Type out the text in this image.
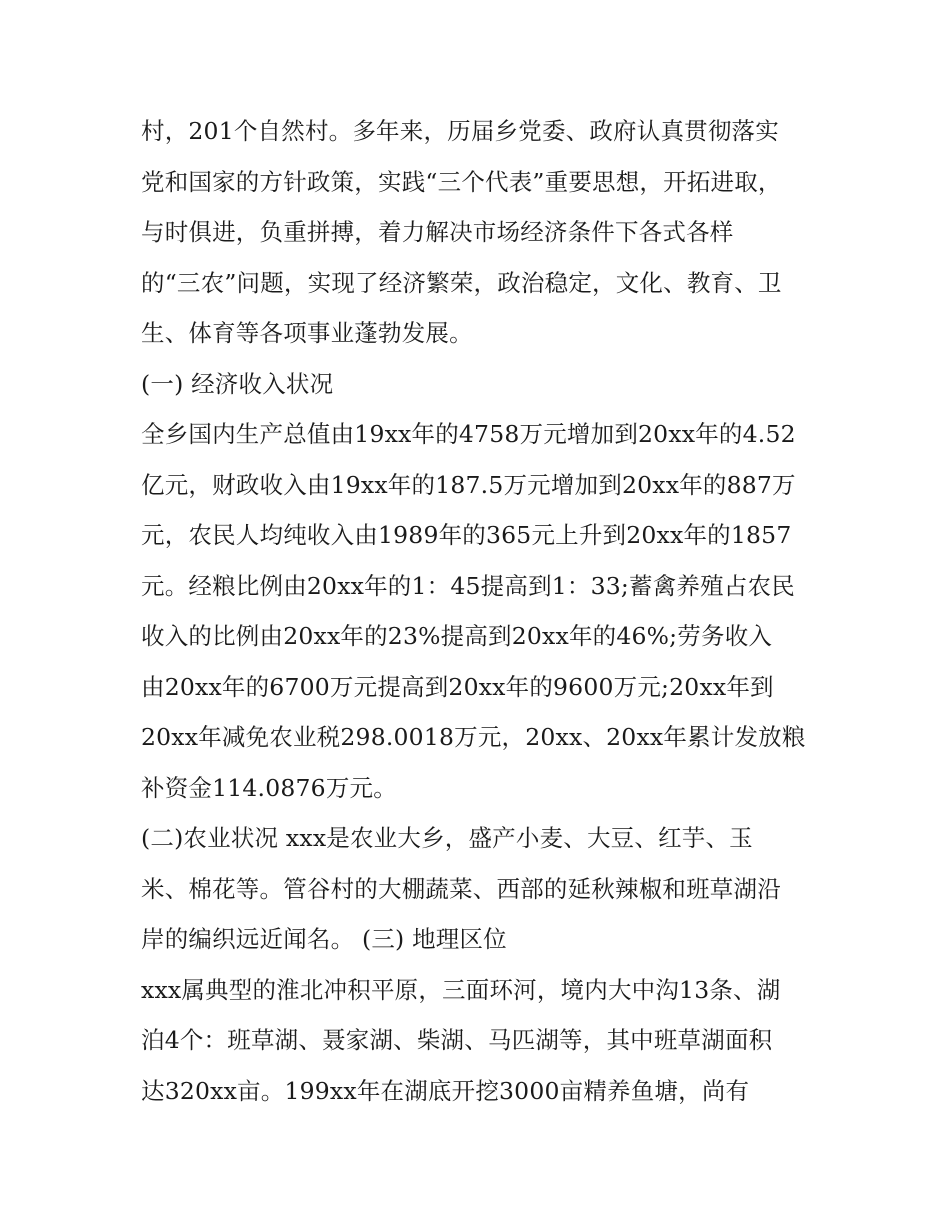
村，201个自然村。多年来，历届乡党委、政府认真贯彻落实
党和国家的方针政策，实践“三个代表”重要思想，开拓进取，
与时俱进，负重拼搏，着力解决市场经济条件下各式各样
的“三农”问题，实现了经济繁荣，政治稳定，文化、教育、卫
生、体育等各项事业蓬勃发展。
(一) 经济收入状况
全乡国内生产总值由19xx年的4758万元增加到20xx年的4.52
亿元，财政收入由19xx年的187.5万元增加到20xx年的887万
元，农民人均纯收入由1989年的365元上升到20xx年的1857
元。经粮比例由20xx年的1：45提高到1：33;蓄禽养殖占农民
收入的比例由20xx年的23%提高到20xx年的46%;劳务收入
由20xx年的6700万元提高到20xx年的9600万元;20xx年到
20xx年减免农业税298.0018万元，20xx、20xx年累计发放粮
补资金114.0876万元。
(二)农业状况 xxx是农业大乡，盛产小麦、大豆、红芋、玉
米、棉花等。管谷村的大棚蔬菜、西部的延秋辣椒和班草湖沿
岸的编织远近闻名。 (三) 地理区位
xxx属典型的淮北冲积平原，三面环河，境内大中沟13条、湖
泊4个：班草湖、聂家湖、柴湖、马匹湖等，其中班草湖面积
达320xx亩。199xx年在湖底开挖3000亩精养鱼塘，尚有
